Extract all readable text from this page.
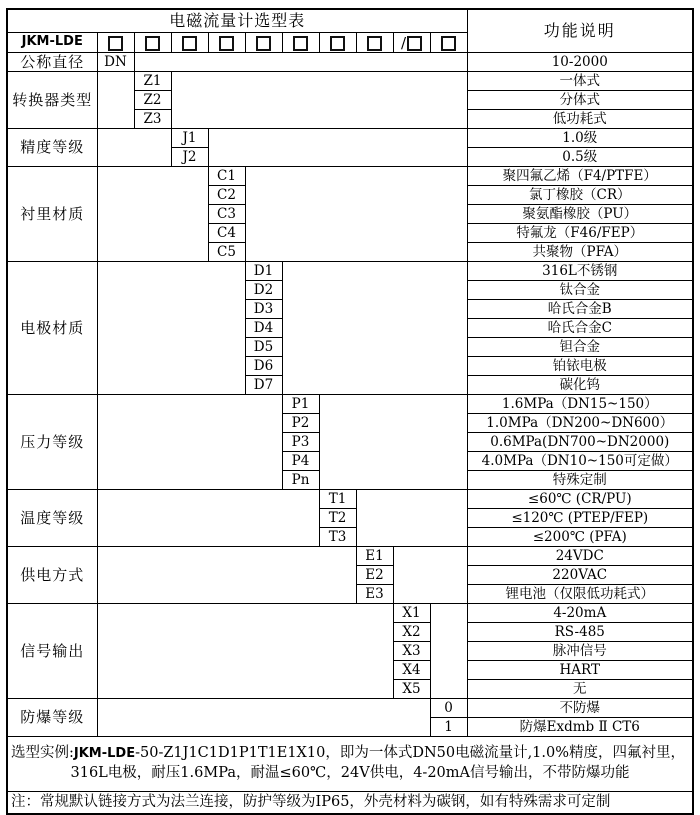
电磁流量计选型表											功能说明
JKM-LDE									/		
公称直径	DN										10-2000
转换器类型		Z1									一体式
		Z2									分体式
		Z3									低功耗式
精度等级			J1								1.0级
			J2								0.5级
衬里材质				C1							聚四氟乙烯（F4/PTFE）
				C2							氯丁橡胶（CR）
				C3							聚氨酯橡胶（PU）
				C4							特氟龙（F46/FEP）
				C5							共聚物（PFA）
电极材质					D1						316L不锈钢
					D2						钛合金
					D3						哈氏合金B
					D4						哈氏合金C
					D5						钽合金
					D6						铂铱电极
					D7						碳化钨
压力等级						P1					1.6MPa（DN15~150）
						P2					1.0MPa（DN200~DN600）
						P3					0.6MPa(DN700~DN2000)
						P4					4.0MPa（DN10~150可定做）
						Pn					特殊定制
温度等级							T1				≤60℃ (CR/PU)
							T2				≤120℃ (PTEP/FEP)
							T3				≤200℃ (PFA)
供电方式								E1			24VDC
								E2			220VAC
								E3			锂电池（仅限低功耗式）
信号输出									X1		4-20mA
									X2		RS-485
									X3		脉冲信号
									X4		HART
									X5		无
防爆等级										0	不防爆
										1	防爆Exdmb Ⅱ CT6

选型实例:JKM-LDE-50-Z1J1C1D1P1T1E1X10，即为一体式DN50电磁流量计,1.0%精度，四氟衬里，
316L电极，耐压1.6MPa，耐温≤60℃，24V供电，4-20mA信号输出，不带防爆功能											

注：常规默认链接方式为法兰连接，防护等级为IP65，外壳材料为碳钢，如有特殊需求可定制											
